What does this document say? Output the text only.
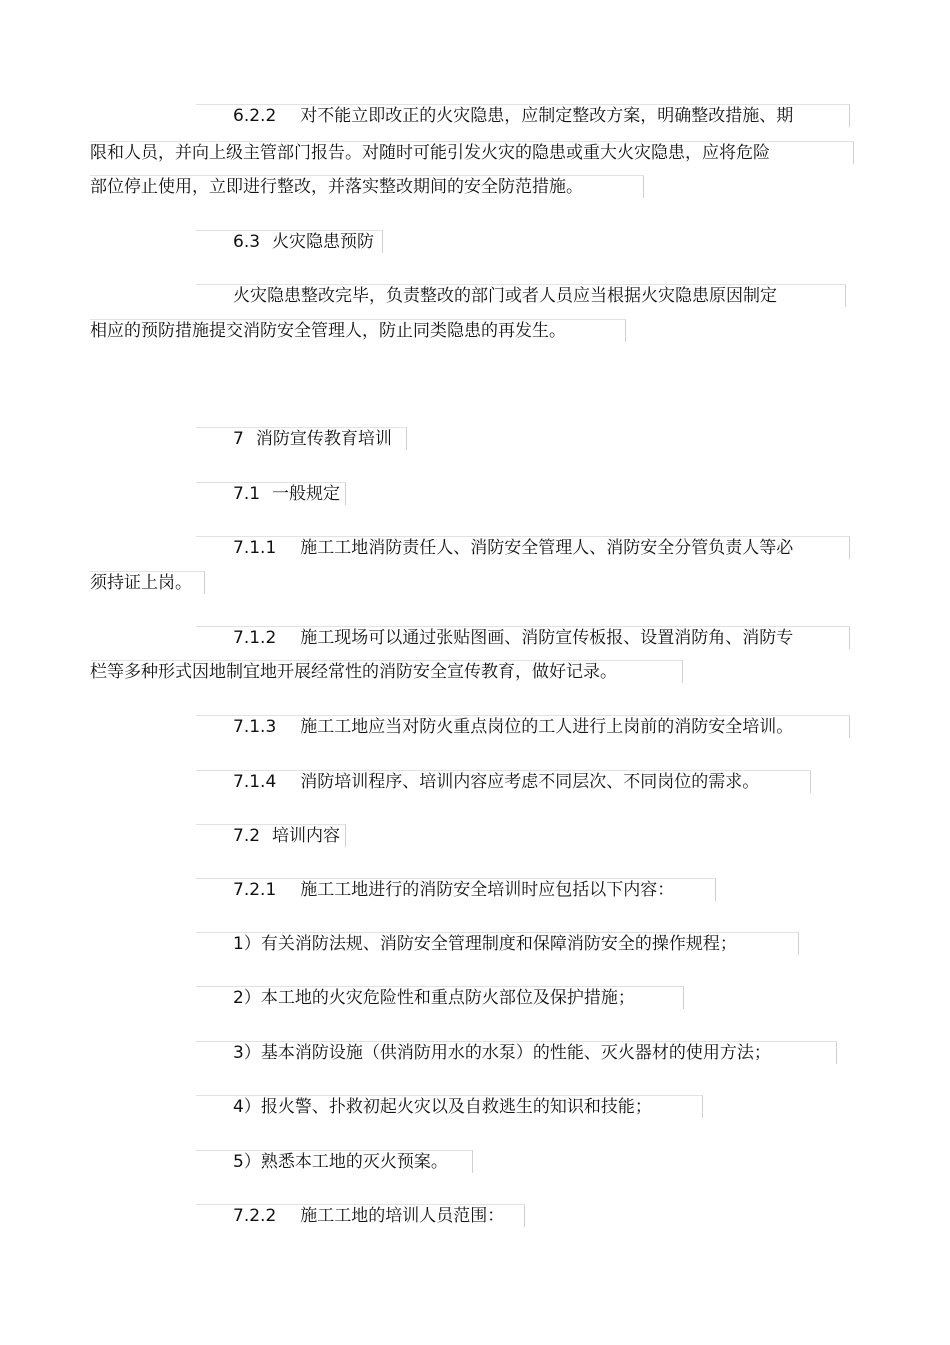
6.2.2 对不能立即改正的火灾隐患，应制定整改方案，明确整改措施、期
限和人员，并向上级主管部门报告。对随时可能引发火灾的隐患或重大火灾隐患，应将危险
部位停止使用，立即进行整改，并落实整改期间的安全防范措施。
6.3 火灾隐患预防
火灾隐患整改完毕，负责整改的部门或者人员应当根据火灾隐患原因制定
相应的预防措施提交消防安全管理人，防止同类隐患的再发生。
7 消防宣传教育培训
7.1 一般规定
7.1.1 施工工地消防责任人、消防安全管理人、消防安全分管负责人等必
须持证上岗。
7.1.2 施工现场可以通过张贴图画、消防宣传板报、设置消防角、消防专
栏等多种形式因地制宜地开展经常性的消防安全宣传教育，做好记录。
7.1.3 施工工地应当对防火重点岗位的工人进行上岗前的消防安全培训。
7.1.4 消防培训程序、培训内容应考虑不同层次、不同岗位的需求。
7.2 培训内容
7.2.1 施工工地进行的消防安全培训时应包括以下内容：
1）有关消防法规、消防安全管理制度和保障消防安全的操作规程；
2）本工地的火灾危险性和重点防火部位及保护措施；
3）基本消防设施（供消防用水的水泵）的性能、灭火器材的使用方法；
4）报火警、扑救初起火灾以及自救逃生的知识和技能；
5）熟悉本工地的灭火预案。
7.2.2 施工工地的培训人员范围：
